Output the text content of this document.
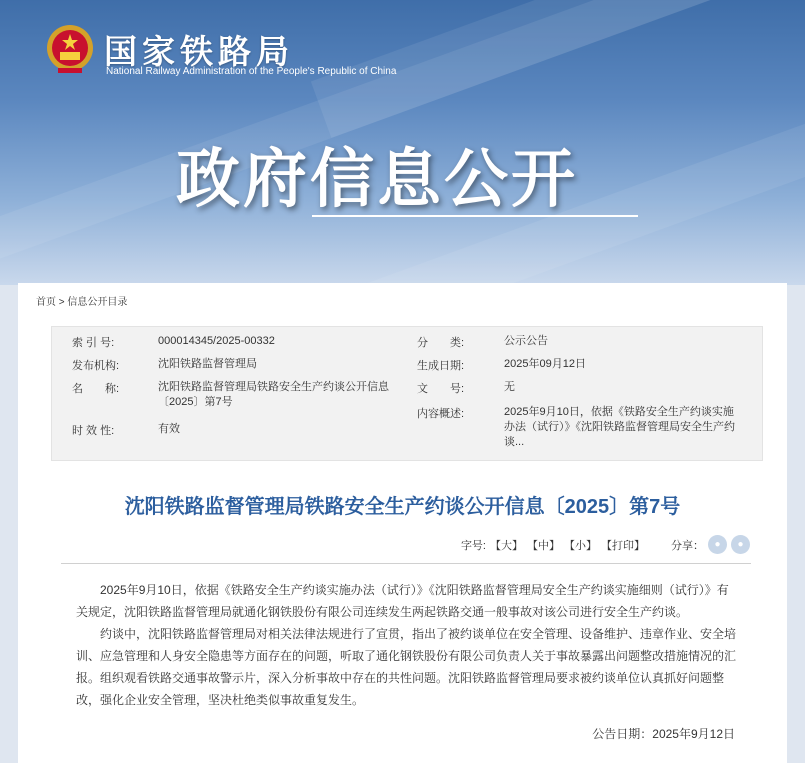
国家铁路局
National Railway Administration of the People's Republic of China
政府信息公开
首页 > 信息公开目录
索 引 号:	000014345/2025-00332
发布机构:	沈阳铁路监督管理局
名　　称:	沈阳铁路监督管理局铁路安全生产约谈公开信息〔2025〕第7号
时 效 性:	有效
分　　类:	公示公告
生成日期:	2025年09月12日
文　　号:	无
内容概述:	2025年9月10日，依据《铁路安全生产约谈实施办法（试行）》《沈阳铁路监督管理局安全生产约谈...
沈阳铁路监督管理局铁路安全生产约谈公开信息〔2025〕第7号
字号: 【大】 【中】 【小】 【打印】 分享：	●	●

2025年9月10日，依据《铁路安全生产约谈实施办法（试行）》《沈阳铁路监督管理局安全生产约谈实施细则（试行）》有关规定，沈阳铁路监督管理局就通化钢铁股份有限公司连续发生两起铁路交通一般事故对该公司进行安全生产约谈。

约谈中，沈阳铁路监督管理局对相关法律法规进行了宣贯，指出了被约谈单位在安全管理、设备维护、违章作业、安全培训、应急管理和人身安全隐患等方面存在的问题，听取了通化钢铁股份有限公司负责人关于事故暴露出问题整改措施情况的汇报。组织观看铁路交通事故警示片，深入分析事故中存在的共性问题。沈阳铁路监督管理局要求被约谈单位认真抓好问题整改，强化企业安全管理，坚决杜绝类似事故重复发生。

公告日期：2025年9月12日
